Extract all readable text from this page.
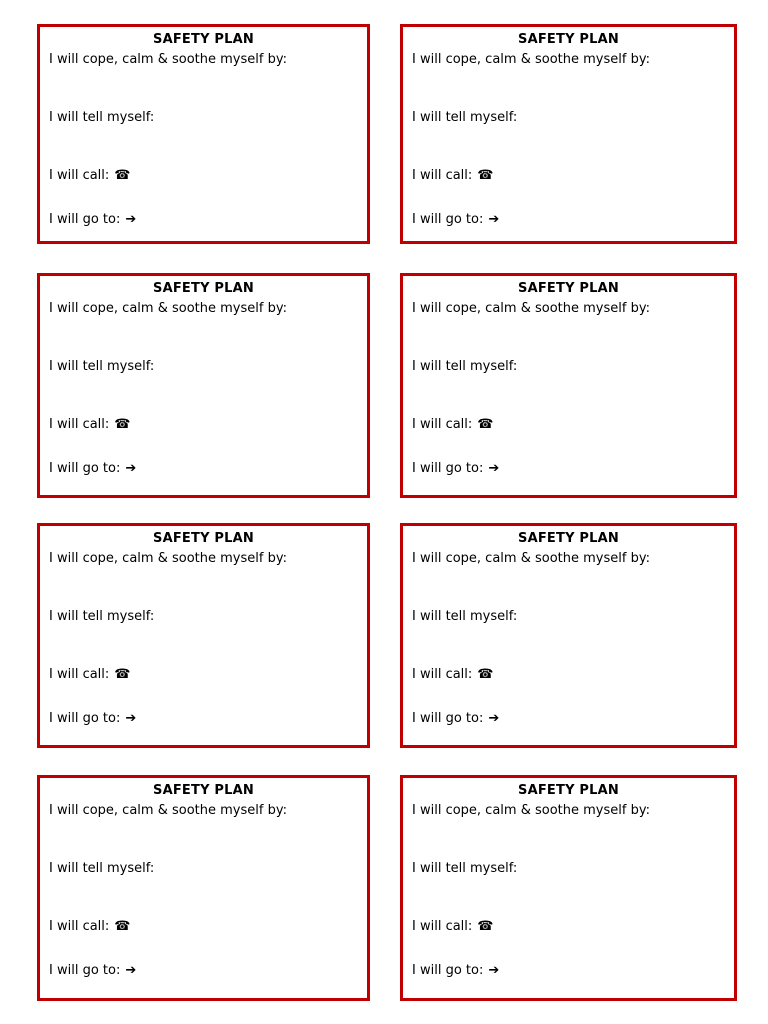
SAFETY PLAN
I will cope, calm & soothe myself by:
I will tell myself:
I will call: ☎
I will go to: ➔
SAFETY PLAN
I will cope, calm & soothe myself by:
I will tell myself:
I will call: ☎
I will go to: ➔
SAFETY PLAN
I will cope, calm & soothe myself by:
I will tell myself:
I will call: ☎
I will go to: ➔
SAFETY PLAN
I will cope, calm & soothe myself by:
I will tell myself:
I will call: ☎
I will go to: ➔
SAFETY PLAN
I will cope, calm & soothe myself by:
I will tell myself:
I will call: ☎
I will go to: ➔
SAFETY PLAN
I will cope, calm & soothe myself by:
I will tell myself:
I will call: ☎
I will go to: ➔
SAFETY PLAN
I will cope, calm & soothe myself by:
I will tell myself:
I will call: ☎
I will go to: ➔
SAFETY PLAN
I will cope, calm & soothe myself by:
I will tell myself:
I will call: ☎
I will go to: ➔
